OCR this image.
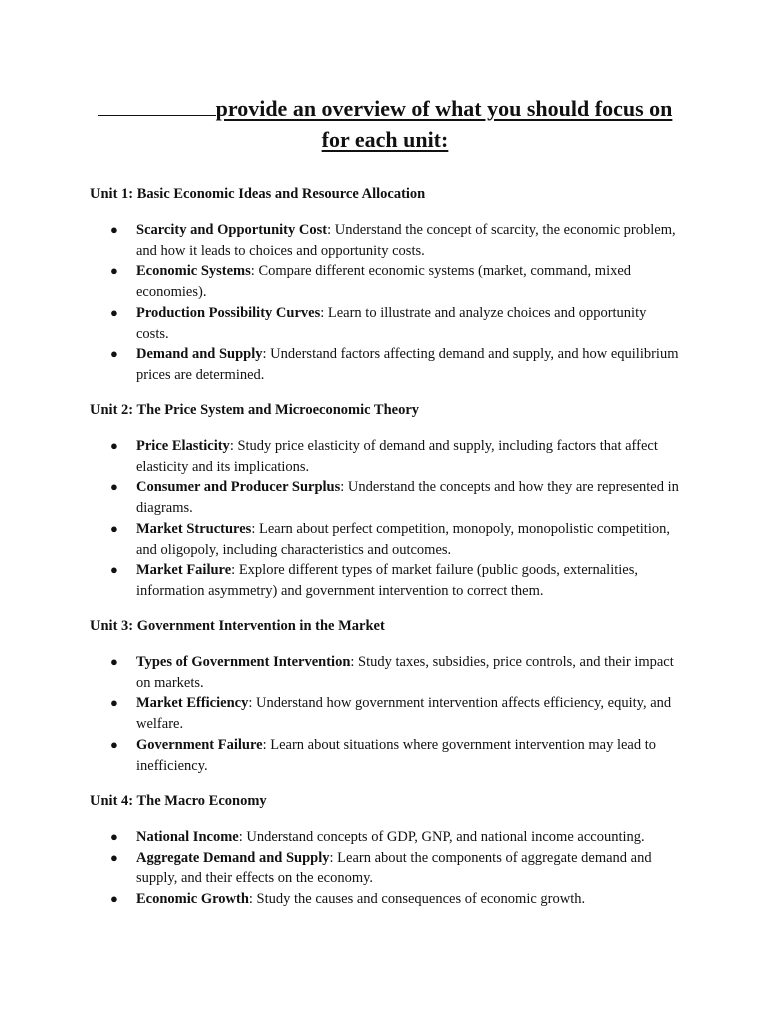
provide an overview of what you should focus on for each unit:

Unit 1: Basic Economic Ideas and Resource Allocation

● Scarcity and Opportunity Cost: Understand the concept of scarcity, the economic problem, and how it leads to choices and opportunity costs.
● Economic Systems: Compare different economic systems (market, command, mixed economies).
● Production Possibility Curves: Learn to illustrate and analyze choices and opportunity costs.
● Demand and Supply: Understand factors affecting demand and supply, and how equilibrium prices are determined.

Unit 2: The Price System and Microeconomic Theory

● Price Elasticity: Study price elasticity of demand and supply, including factors that affect elasticity and its implications.
● Consumer and Producer Surplus: Understand the concepts and how they are represented in diagrams.
● Market Structures: Learn about perfect competition, monopoly, monopolistic competition, and oligopoly, including characteristics and outcomes.
● Market Failure: Explore different types of market failure (public goods, externalities, information asymmetry) and government intervention to correct them.

Unit 3: Government Intervention in the Market

● Types of Government Intervention: Study taxes, subsidies, price controls, and their impact on markets.
● Market Efficiency: Understand how government intervention affects efficiency, equity, and welfare.
● Government Failure: Learn about situations where government intervention may lead to inefficiency.

Unit 4: The Macro Economy

● National Income: Understand concepts of GDP, GNP, and national income accounting.
● Aggregate Demand and Supply: Learn about the components of aggregate demand and supply, and their effects on the economy.
● Economic Growth: Study the causes and consequences of economic growth.
